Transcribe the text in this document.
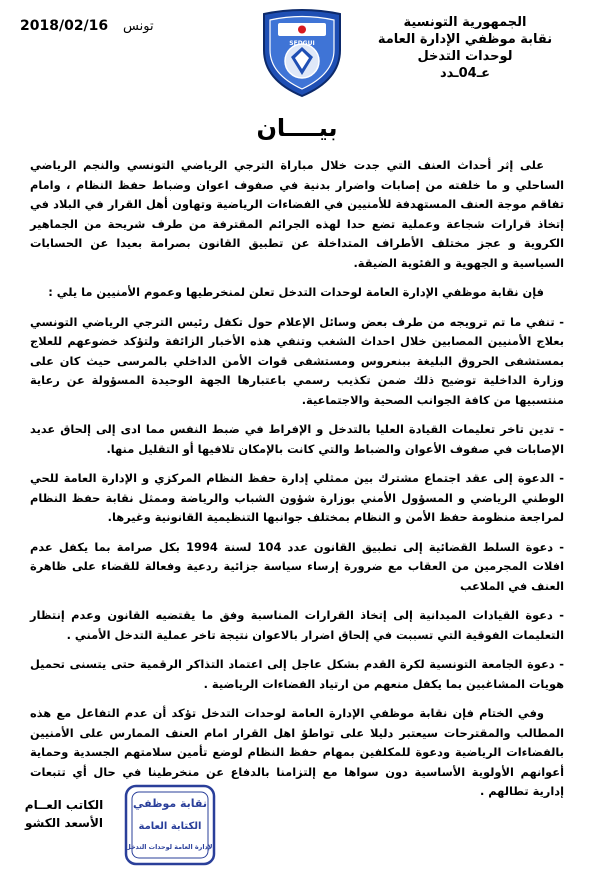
الجمهورية التونسية
نقابة موظفي الإدارة العامة
لوحدات التدخل
عـ04ـدد
2018/02/16 تونس
SFDGUI
بيــــان

على إثر أحداث العنف التي جدت خلال مباراة الترجي الرياضي التونسي والنجم الرياضي الساحلي و ما خلفته من إصابات واضرار بدنية في صفوف اعوان وضباط حفظ النظام ، وامام تفاقم موجة العنف المستهدفة للأمنيين في الفضاءات الرياضية وتهاون أهل القرار في البلاد في إتخاذ قرارات شجاعة وعملية تضع حدا لهذه الجرائم المقترفة من طرف شريحة من الجماهير الكروية و عجز مختلف الأطراف المتداخلة عن تطبيق القانون بصرامة بعيدا عن الحسابات السياسية و الجهوية و الفئوية الضيقة.

فإن نقابة موظفي الإدارة العامة لوحدات التدخل تعلن لمنخرطيها وعموم الأمنيين ما يلي :

- تنفي ما تم ترويجه من طرف بعض وسائل الإعلام حول تكفل رئيس الترجي الرياضي التونسي بعلاج الأمنيين المصابين خلال احداث الشغب وتنفي هذه الأخبار الزائفة ولتؤكد خضوعهم للعلاج بمستشفى الحروق البليغة ببنعروس ومستشفى قوات الأمن الداخلي بالمرسى حيث كان على وزارة الداخلية توضيح ذلك ضمن تكذيب رسمي باعتبارها الجهة الوحيدة المسؤولة عن رعاية منتسبيها من كافة الجوانب الصحية والاجتماعية.

- تدين تاخر تعليمات القيادة العليا بالتدخل و الإفراط في ضبط النفس مما ادى إلى إلحاق عديد الإصابات في صفوف الأعوان والضباط والتي كانت بالإمكان تلافيها أو التقليل منها.

- الدعوة إلى عقد اجتماع مشترك بين ممثلي إدارة حفظ النظام المركزي و الإدارة العامة للحي الوطني الرياضي و المسؤول الأمني بوزارة شؤون الشباب والرياضة وممثل نقابة حفظ النظام لمراجعة منظومة حفظ الأمن و النظام بمختلف جوانبها التنظيمية القانونية وغيرها.

- دعوة السلط القضائية إلى تطبيق القانون عدد 104 لسنة 1994 بكل صرامة بما يكفل عدم افلات المجرمين من العقاب مع ضرورة إرساء سياسة جزائية ردعية وفعالة للقضاء على ظاهرة العنف في الملاعب

- دعوة القيادات الميدانية إلى إتخاذ القرارات المناسبة وفق ما يقتضيه القانون وعدم إنتظار التعليمات الفوقية التي تسببت في إلحاق اضرار بالاعوان نتيجة تاخر عملية التدخل الأمني .

- دعوة الجامعة التونسية لكرة القدم بشكل عاجل إلى اعتماد التذاكر الرقمية حتى يتسنى تحميل هويات المشاغبين بما يكفل منعهم من ارتياد الفضاءات الرياضية .

وفي الختام فإن نقابة موظفي الإدارة العامة لوحدات التدخل تؤكد أن عدم التفاعل مع هذه المطالب والمقترحات سيعتبر دليلا على تواطؤ اهل القرار امام العنف الممارس على الأمنيين بالفضاءات الرياضية ودعوة للمكلفين بمهام حفظ النظام لوضع تأمين سلامتهم الجسدية وحماية أعوانهم الأولوية الأساسية دون سواها مع إلتزامنا بالدفاع عن منخرطينا في حال أي تتبعات إدارية تطالهم .

الكاتب العــام
الأسعد الكشو
نقابة موظفي
الكتابة العامة
الإدارة العامة لوحدات التدخل
